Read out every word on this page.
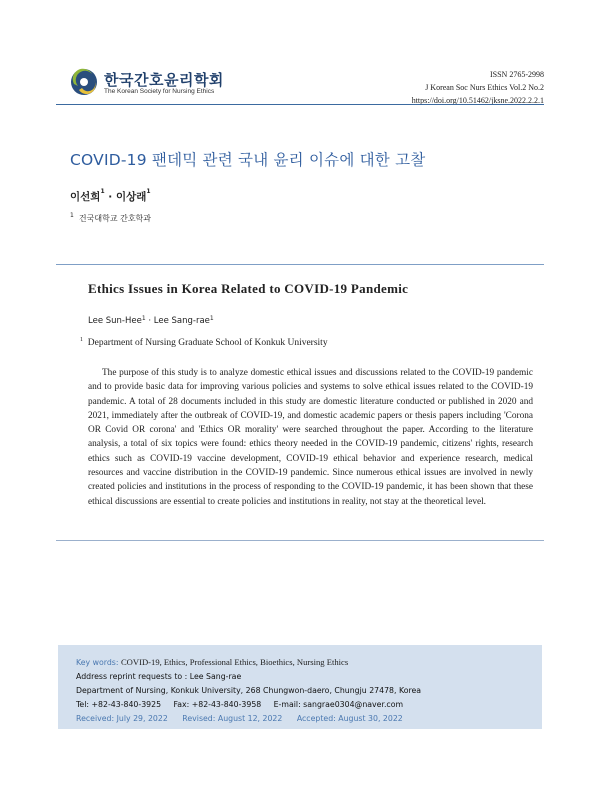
한국간호윤리학회
The Korean Society for Nursing Ethics
ISSN 2765-2998
J Korean Soc Nurs Ethics Vol.2 No.2
https://doi.org/10.51462/jksne.2022.2.2.1
COVID-19 팬데믹 관련 국내 윤리 이슈에 대한 고찰
이선희$^1$ · 이상래$^1$
$^1$ 건국대학교 간호학과
Ethics Issues in Korea Related to COVID-19 Pandemic
Lee Sun-Hee$^1$ · Lee Sang-rae$^1$
$^1$ Department of Nursing Graduate School of Konkuk University
The purpose of this study is to analyze domestic ethical issues and discussions related to the COVID-19 pandemic and to provide basic data for improving various policies and systems to solve ethical issues related to the COVID-19 pandemic. A total of 28 documents included in this study are domestic literature conducted or published in 2020 and 2021, immediately after the outbreak of COVID-19, and domestic academic papers or thesis papers including 'Corona OR Covid OR corona' and 'Ethics OR morality' were searched throughout the paper. According to the literature analysis, a total of six topics were found: ethics theory needed in the COVID-19 pandemic, citizens' rights, research ethics such as COVID-19 vaccine development, COVID-19 ethical behavior and experience research, medical resources and vaccine distribution in the COVID-19 pandemic. Since numerous ethical issues are involved in newly created policies and institutions in the process of responding to the COVID-19 pandemic, it has been shown that these ethical discussions are essential to create policies and institutions in reality, not stay at the theoretical level.
Key words: COVID-19, Ethics, Professional Ethics, Bioethics, Nursing Ethics
Address reprint requests to : Lee Sang-rae
Department of Nursing, Konkuk University, 268 Chungwon-daero, Chungju 27478, Korea
Tel: +82-43-840-3925     Fax: +82-43-840-3958     E-mail: sangrae0304@naver.com
Received: July 29, 2022 Revised: August 12, 2022 Accepted: August 30, 2022
